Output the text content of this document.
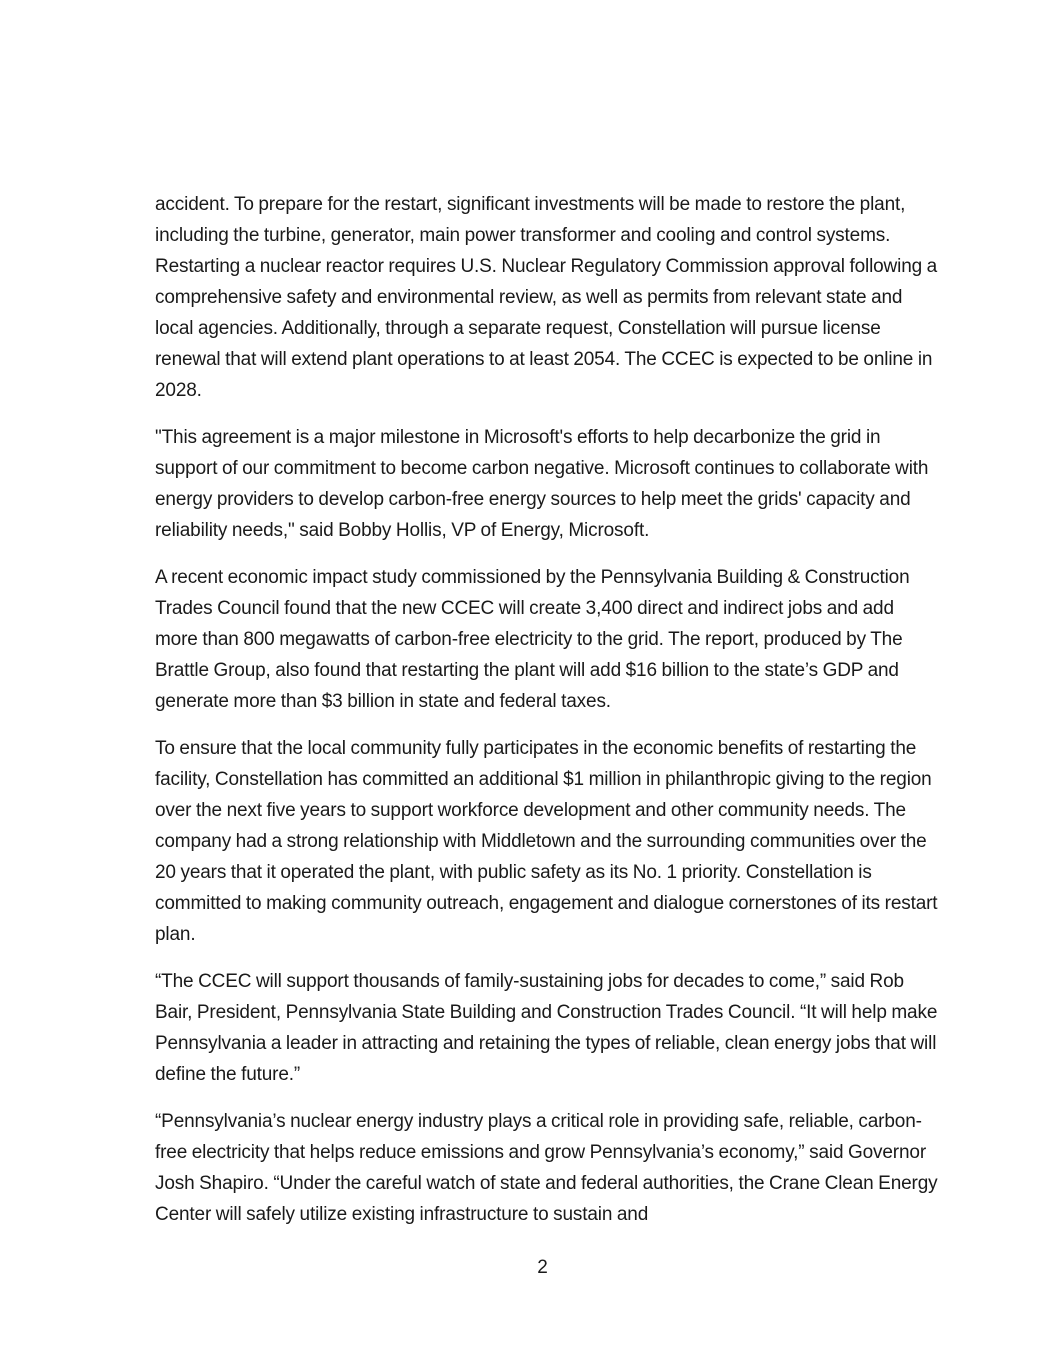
accident. To prepare for the restart, significant investments will be made to restore the plant, including the turbine, generator, main power transformer and cooling and control systems. Restarting a nuclear reactor requires U.S. Nuclear Regulatory Commission approval following a comprehensive safety and environmental review, as well as permits from relevant state and local agencies. Additionally, through a separate request, Constellation will pursue license renewal that will extend plant operations to at least 2054. The CCEC is expected to be online in 2028.

"This agreement is a major milestone in Microsoft's efforts to help decarbonize the grid in support of our commitment to become carbon negative. Microsoft continues to collaborate with energy providers to develop carbon-free energy sources to help meet the grids' capacity and reliability needs," said Bobby Hollis, VP of Energy, Microsoft.

A recent economic impact study commissioned by the Pennsylvania Building & Construction Trades Council found that the new CCEC will create 3,400 direct and indirect jobs and add more than 800 megawatts of carbon-free electricity to the grid. The report, produced by The Brattle Group, also found that restarting the plant will add $16 billion to the state’s GDP and generate more than $3 billion in state and federal taxes.

To ensure that the local community fully participates in the economic benefits of restarting the facility, Constellation has committed an additional $1 million in philanthropic giving to the region over the next five years to support workforce development and other community needs. The company had a strong relationship with Middletown and the surrounding communities over the 20 years that it operated the plant, with public safety as its No. 1 priority. Constellation is committed to making community outreach, engagement and dialogue cornerstones of its restart plan.

“The CCEC will support thousands of family-sustaining jobs for decades to come,” said Rob Bair, President, Pennsylvania State Building and Construction Trades Council. “It will help make Pennsylvania a leader in attracting and retaining the types of reliable, clean energy jobs that will define the future.”

“Pennsylvania’s nuclear energy industry plays a critical role in providing safe, reliable, carbon-free electricity that helps reduce emissions and grow Pennsylvania’s economy,” said Governor Josh Shapiro. “Under the careful watch of state and federal authorities, the Crane Clean Energy Center will safely utilize existing infrastructure to sustain and

2
